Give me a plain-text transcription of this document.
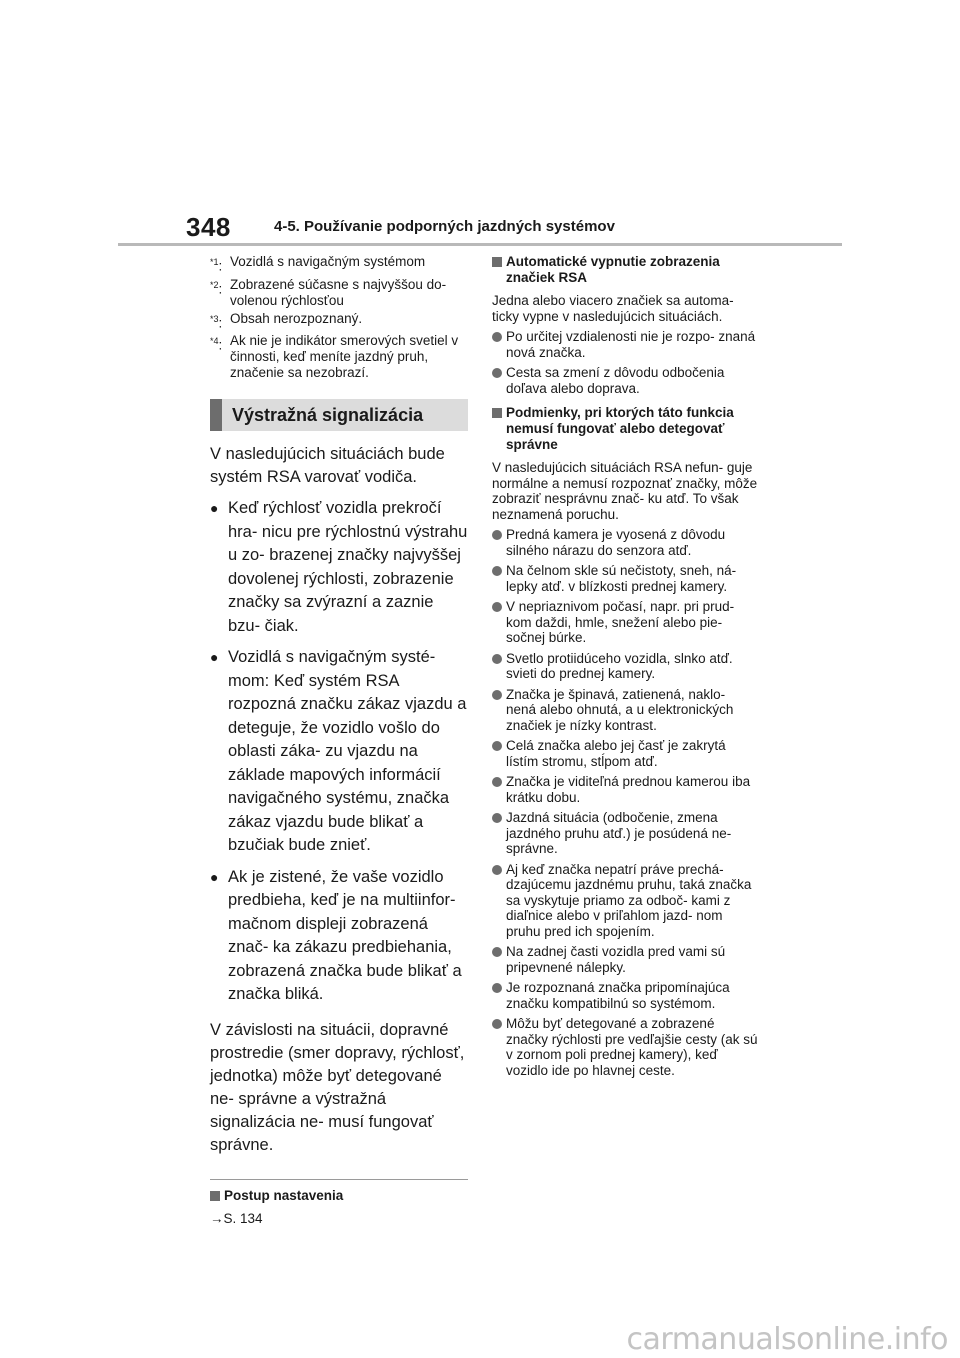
348	4-5. Používanie podporných jazdných systémov
$^{*1}$: Vozidlá s navigačným systémom
$^{*2}$: Zobrazené súčasne s najvyššou do- volenou rýchlosťou
$^{*3}$: Obsah nerozpoznaný.
$^{*4}$: Ak nie je indikátor smerových svetiel v činnosti, keď meníte jazdný pruh, značenie sa nezobrazí.
Výstražná signalizácia
V nasledujúcich situáciách bude systém RSA varovať vodiča.
● Keď rýchlosť vozidla prekročí hra- nicu pre rýchlostnú výstrahu u zo- brazenej značky najvyššej dovolenej rýchlosti, zobrazenie značky sa zvýrazní a zaznie bzu- čiak.
● Vozidlá s navigačným systé- mom: Keď systém RSA rozpozná značku zákaz vjazdu a deteguje, že vozidlo vošlo do oblasti záka- zu vjazdu na základe mapových informácií navigačného systému, značka zákaz vjazdu bude blikať a bzučiak bude znieť.
● Ak je zistené, že vaše vozidlo predbieha, keď je na multiinfor- mačnom displeji zobrazená znač- ka zákazu predbiehania, zobrazená značka bude blikať a značka bliká.
V závislosti na situácii, dopravné prostredie (smer dopravy, rýchlosť, jednotka) môže byť detegované ne- správne a výstražná signalizácia ne- musí fungovať správne.
Postup nastavenia
→S. 134
Automatické vypnutie zobrazenia značiek RSA
Jedna alebo viacero značiek sa automa- ticky vypne v nasledujúcich situáciách.
Po určitej vzdialenosti nie je rozpo- znaná nová značka.
Cesta sa zmení z dôvodu odbočenia doľava alebo doprava.
Podmienky, pri ktorých táto funkcia nemusí fungovať alebo detegovať správne
V nasledujúcich situáciách RSA nefun- guje normálne a nemusí rozpoznať značky, môže zobraziť nesprávnu znač- ku atď. To však neznamená poruchu.
Predná kamera je vyosená z dôvodu silného nárazu do senzora atď.
Na čelnom skle sú nečistoty, sneh, ná- lepky atď. v blízkosti prednej kamery.
V nepriaznivom počasí, napr. pri prud- kom daždi, hmle, snežení alebo pie- sočnej búrke.
Svetlo protiidúceho vozidla, slnko atď. svieti do prednej kamery.
Značka je špinavá, zatienená, naklo- nená alebo ohnutá, a u elektronických značiek je nízky kontrast.
Celá značka alebo jej časť je zakrytá lístím stromu, stĺpom atď.
Značka je viditeľná prednou kamerou iba krátku dobu.
Jazdná situácia (odbočenie, zmena jazdného pruhu atď.) je posúdená ne- správne.
Aj keď značka nepatrí práve prechá- dzajúcemu jazdnému pruhu, taká značka sa vyskytuje priamo za odboč- kami z diaľnice alebo v priľahlom jazd- nom pruhu pred ich spojením.
Na zadnej časti vozidla pred vami sú pripevnené nálepky.
Je rozpoznaná značka pripomínajúca značku kompatibilnú so systémom.
Môžu byť detegované a zobrazené značky rýchlosti pre vedľajšie cesty (ak sú v zornom poli prednej kamery), keď vozidlo ide po hlavnej ceste.
carmanualsonline.info
